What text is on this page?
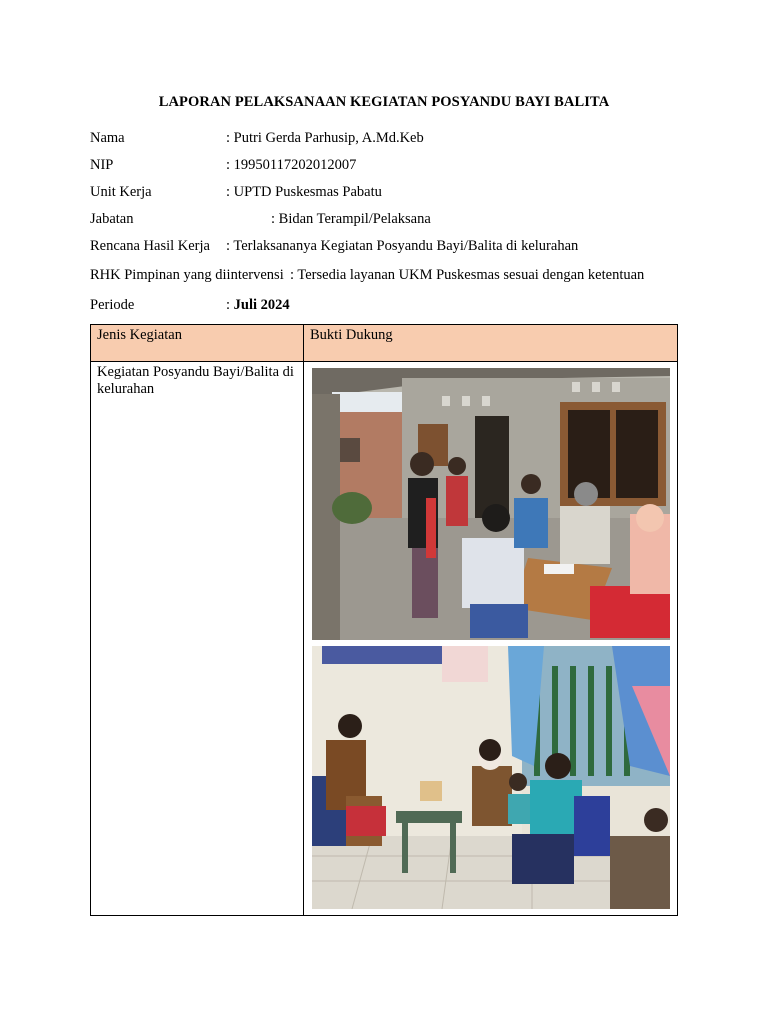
LAPORAN PELAKSANAAN KEGIATAN POSYANDU BAYI BALITA
Nama	: Putri Gerda Parhusip, A.Md.Keb
NIP	: 19950117202012007
Unit Kerja	: UPTD Puskesmas Pabatu
Jabatan	: Bidan Terampil/Pelaksana
Rencana Hasil Kerja : Terlaksananya Kegiatan Posyandu Bayi/Balita di kelurahan
RHK Pimpinan yang diintervensi : Tersedia layanan UKM Puskesmas sesuai dengan ketentuan
Periode	: Juli 2024
Jenis Kegiatan	Bukti Dukung
Kegiatan Posyandu Bayi/Balita di kelurahan	
